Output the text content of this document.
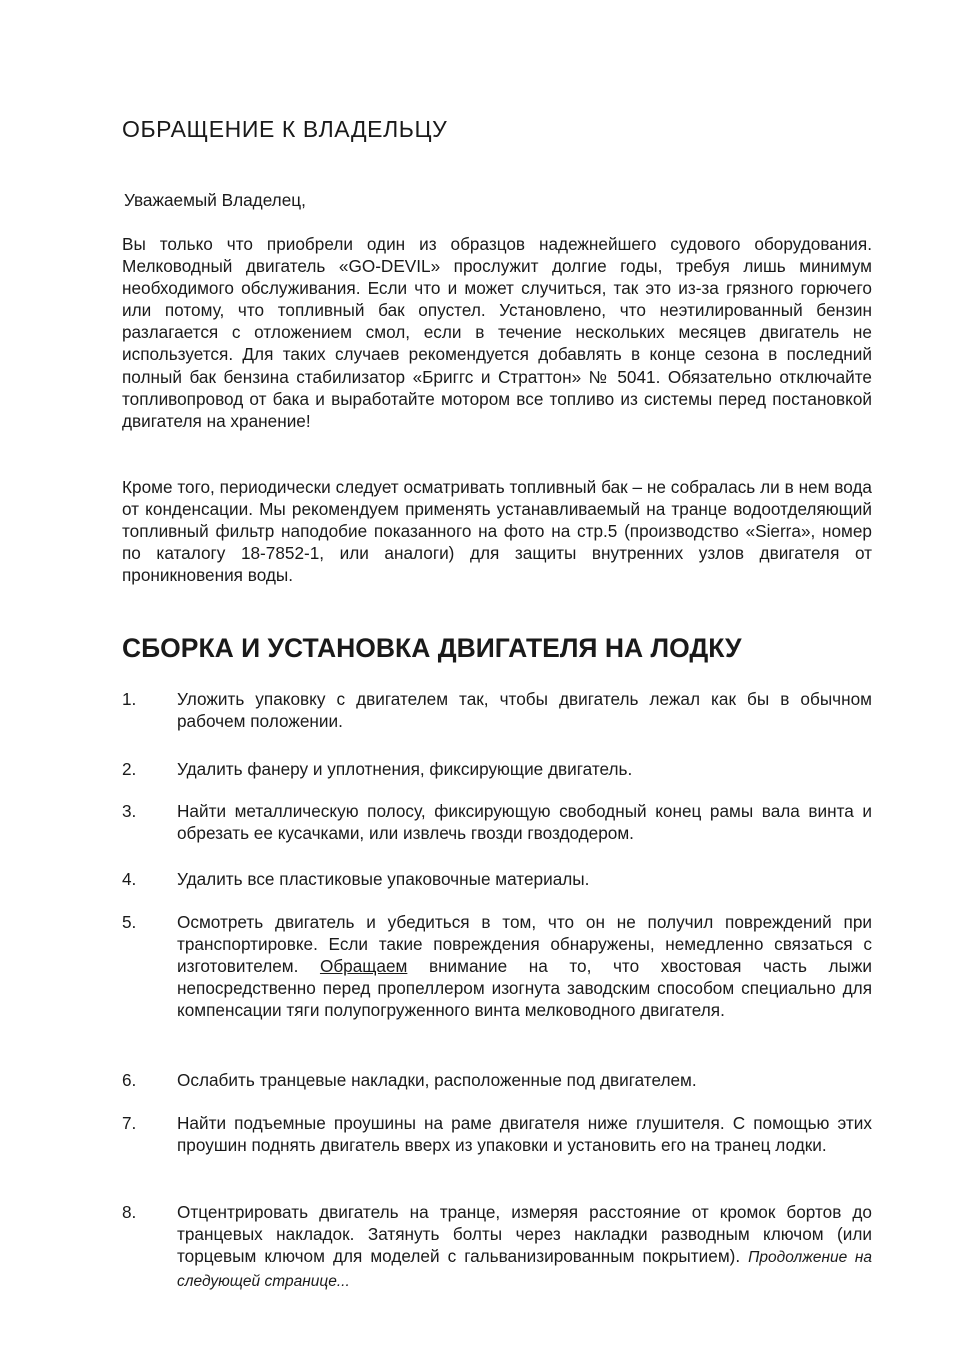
ОБРАЩЕНИЕ К ВЛАДЕЛЬЦУ

Уважаемый Владелец,

Вы только что приобрели один из образцов надежнейшего судового оборудования. Мелководный двигатель «GO-DEVIL» прослужит долгие годы, требуя лишь минимум необходимого обслуживания. Если что и может случиться, так это из-за грязного горючего или потому, что топливный бак опустел. Установлено, что неэтилированный бензин разлагается с отложением смол, если в течение нескольких месяцев двигатель не используется. Для таких случаев рекомендуется добавлять в конце сезона в последний полный бак бензина стабилизатор «Бриггс и Страттон» № 5041. Обязательно отключайте топливопровод от бака и выработайте мотором все топливо из системы перед постановкой двигателя на хранение!

Кроме того, периодически следует осматривать топливный бак – не собралась ли в нем вода от конденсации. Мы рекомендуем применять устанавливаемый на транце водоотделяющий топливный фильтр наподобие показанного на фото на стр.5 (производство «Sierra», номер по каталогу 18-7852-1, или аналоги) для защиты внутренних узлов двигателя от проникновения воды.

СБОРКА И УСТАНОВКА ДВИГАТЕЛЯ НА ЛОДКУ
1. Уложить упаковку с двигателем так, чтобы двигатель лежал как бы в обычном рабочем положении.

2. Удалить фанеру и уплотнения, фиксирующие двигатель.

3. Найти металлическую полосу, фиксирующую свободный конец рамы вала винта и обрезать ее кусачками, или извлечь гвозди гвоздодером.

4. Удалить все пластиковые упаковочные материалы.

5. Осмотреть двигатель и убедиться в том, что он не получил повреждений при транспортировке. Если такие повреждения обнаружены, немедленно связаться с изготовителем. Обращаем внимание на то, что хвостовая часть лыжи непосредственно перед пропеллером изогнута заводским способом специально для компенсации тяги полупогруженного винта мелководного двигателя.

6. Ослабить транцевые накладки, расположенные под двигателем.

7. Найти подъемные проушины на раме двигателя ниже глушителя. С помощью этих проушин поднять двигатель вверх из упаковки и установить его на транец лодки.

8. Отцентрировать двигатель на транце, измеряя расстояние от кромок бортов до транцевых накладок. Затянуть болты через накладки разводным ключом (или торцевым ключом для моделей с гальванизированным покрытием). Продолжение на следующей странице...
